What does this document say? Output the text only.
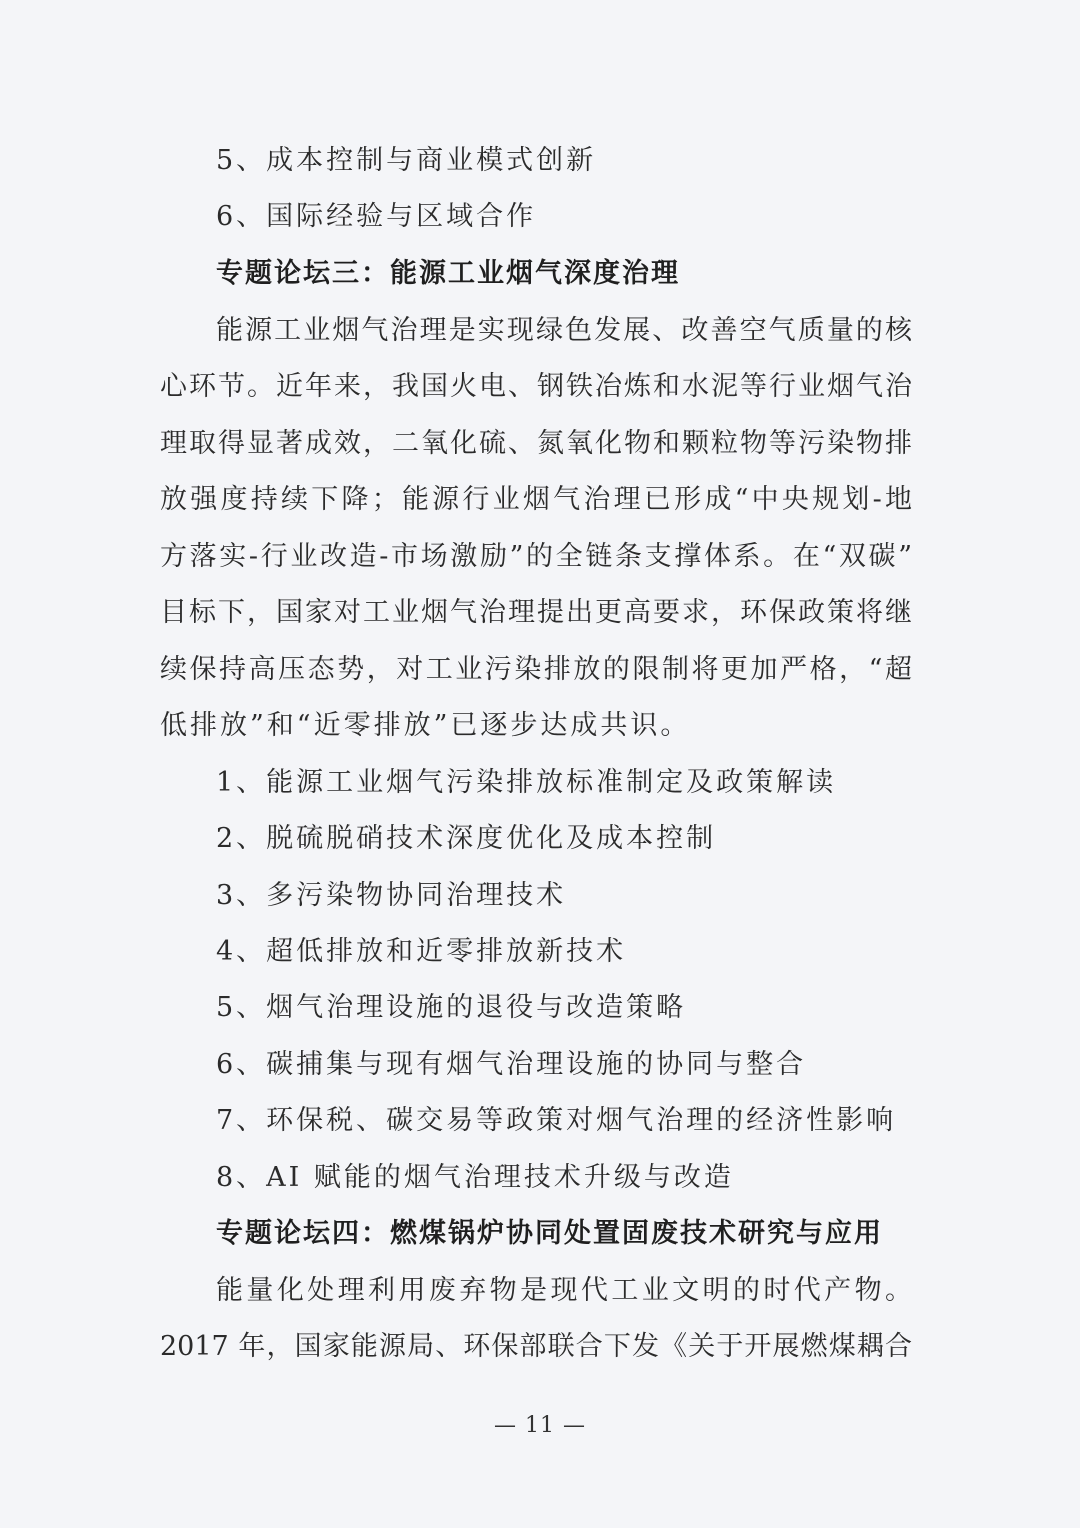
5、成本控制与商业模式创新
6、国际经验与区域合作
专题论坛三：能源工业烟气深度治理
能源工业烟气治理是实现绿色发展、改善空气质量的核
心环节。近年来，我国火电、钢铁冶炼和水泥等行业烟气治
理取得显著成效，二氧化硫、氮氧化物和颗粒物等污染物排
放强度持续下降；能源行业烟气治理已形成“中央规划-地
方落实-行业改造-市场激励”的全链条支撑体系。在“双碳”
目标下，国家对工业烟气治理提出更高要求，环保政策将继
续保持高压态势，对工业污染排放的限制将更加严格，“超
低排放”和“近零排放”已逐步达成共识。
1、能源工业烟气污染排放标准制定及政策解读
2、脱硫脱硝技术深度优化及成本控制
3、多污染物协同治理技术
4、超低排放和近零排放新技术
5、烟气治理设施的退役与改造策略
6、碳捕集与现有烟气治理设施的协同与整合
7、环保税、碳交易等政策对烟气治理的经济性影响
8、AI 赋能的烟气治理技术升级与改造
专题论坛四：燃煤锅炉协同处置固废技术研究与应用
能量化处理利用废弃物是现代工业文明的时代产物。
2017 年，国家能源局、环保部联合下发《关于开展燃煤耦合
— 11 —
